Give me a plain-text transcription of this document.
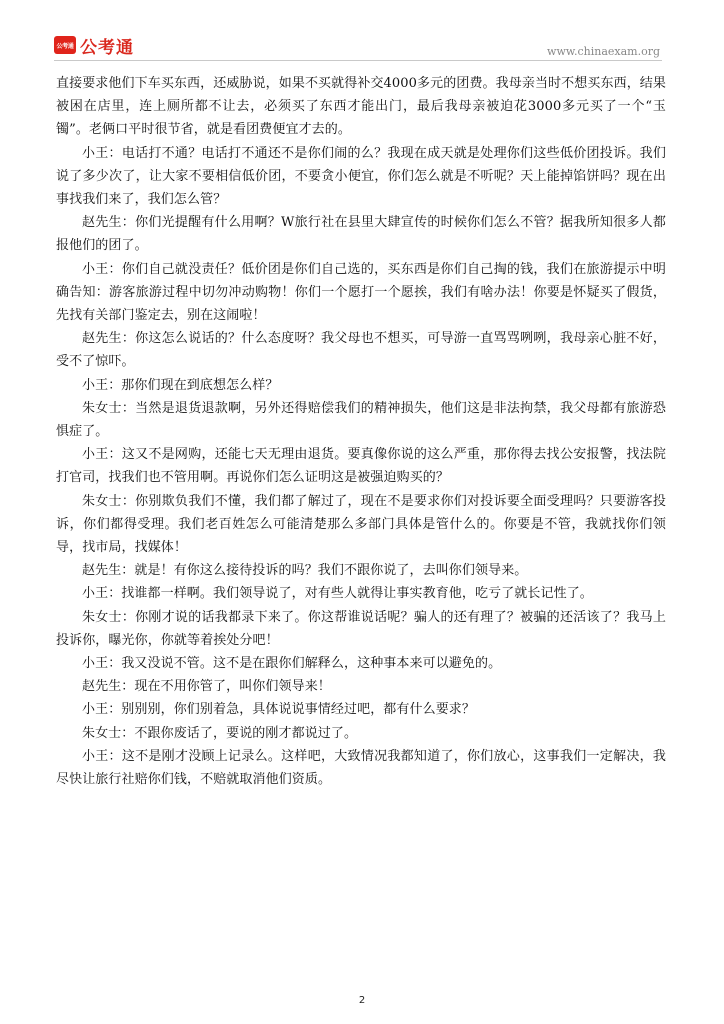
公考通 公考通	www.chinaexam.org

直接要求他们下车买东西，还威胁说，如果不买就得补交4000多元的团费。我母亲当时不想买东西，结果被困在店里，连上厕所都不让去，必须买了东西才能出门，最后我母亲被迫花3000多元买了一个“玉镯”。老俩口平时很节省，就是看团费便宜才去的。

小王：电话打不通？电话打不通还不是你们闹的么？我现在成天就是处理你们这些低价团投诉。我们说了多少次了，让大家不要相信低价团，不要贪小便宜，你们怎么就是不听呢？天上能掉馅饼吗？现在出事找我们来了，我们怎么管？

赵先生：你们光提醒有什么用啊？W旅行社在县里大肆宣传的时候你们怎么不管？据我所知很多人都报他们的团了。

小王：你们自己就没责任？低价团是你们自己选的，买东西是你们自己掏的钱，我们在旅游提示中明确告知：游客旅游过程中切勿冲动购物！你们一个愿打一个愿挨，我们有啥办法！你要是怀疑买了假货，先找有关部门鉴定去，别在这闹啦！

赵先生：你这怎么说话的？什么态度呀？我父母也不想买，可导游一直骂骂咧咧，我母亲心脏不好，受不了惊吓。

小王：那你们现在到底想怎么样？

朱女士：当然是退货退款啊，另外还得赔偿我们的精神损失，他们这是非法拘禁，我父母都有旅游恐惧症了。

小王：这又不是网购，还能七天无理由退货。要真像你说的这么严重，那你得去找公安报警，找法院打官司，找我们也不管用啊。再说你们怎么证明这是被强迫购买的？

朱女士：你别欺负我们不懂，我们都了解过了，现在不是要求你们对投诉要全面受理吗？只要游客投诉，你们都得受理。我们老百姓怎么可能清楚那么多部门具体是管什么的。你要是不管，我就找你们领导，找市局，找媒体！

赵先生：就是！有你这么接待投诉的吗？我们不跟你说了，去叫你们领导来。

小王：找谁都一样啊。我们领导说了，对有些人就得让事实教育他，吃亏了就长记性了。

朱女士：你刚才说的话我都录下来了。你这帮谁说话呢？骗人的还有理了？被骗的还活该了？我马上投诉你，曝光你，你就等着挨处分吧！

小王：我又没说不管。这不是在跟你们解释么，这种事本来可以避免的。

赵先生：现在不用你管了，叫你们领导来！

小王：别别别，你们别着急，具体说说事情经过吧，都有什么要求？

朱女士：不跟你废话了，要说的刚才都说过了。

小王：这不是刚才没顾上记录么。这样吧，大致情况我都知道了，你们放心，这事我们一定解决，我尽快让旅行社赔你们钱，不赔就取消他们资质。

2
